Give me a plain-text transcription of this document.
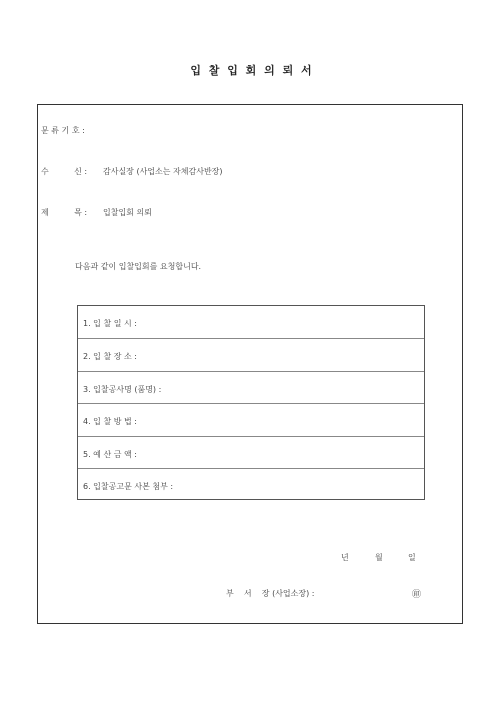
입 찰 입 회 의 뢰 서
문 류 기 호 :
수          신 : 감사실장 (사업소는 자체감사반장)
제          목 : 입찰입회 의뢰
다음과 같이 입찰입회를 요청합니다.
1. 입 찰 일 시 :
2. 입 찰 장 소 :
3. 입찰공사명 (품명) :
4. 입 찰 방 법 :
5. 예 산 금 액 :
6. 입찰공고문 사본 첨부 :
년	월	일
부    서    장 (사업소장) :	㊞
